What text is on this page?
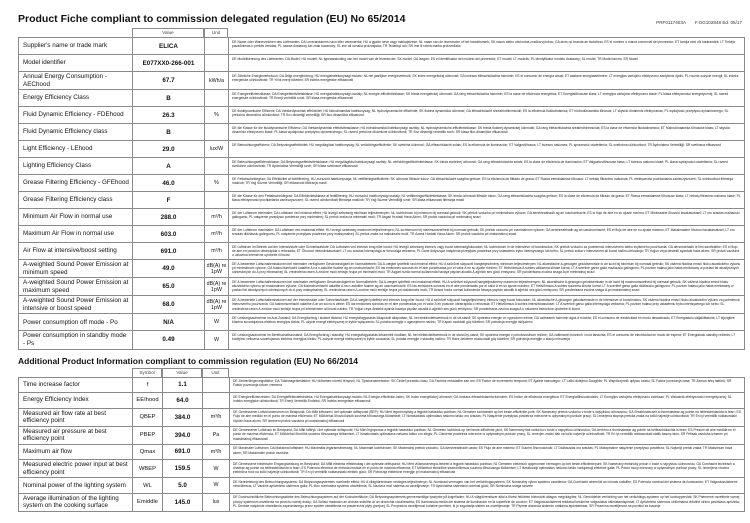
Product Fiche compliant to commission delegated regulation (EU) No 65/2014	PRF0117403A F.OG102848 Ed. 05/17
Value	Unit
Supplier's name or trade mark	ELICA
DE Name oder Warenzeichen des Lieferanten; DA Leverandørens navn eller varemærke; HU a gyártó neve vagy márkajelzése; NL naam van de leverancier of het handelsmerk; SK názov alebo obchodná značka výrobcu; GA ainm nó branda an tsoláthraí; ES el nombre o marca comercial del proveedor; ET tarnija nimi või kaubamärk; LT Tiekėjo pavadinimas ir prekės ženklas; PL nazwa dostawcy lub znak towarowy; SL ime ali oznaka proizvajalca; TR Tedarikçi adı; SR ime ili robna marka proizvođača
Model identifier	E077XX0-266-001
DE Modellkennung des Lieferanten; DA Model; HU modell; NL typeaanduiding van het model van de leverancier; SK model; GA leagan; ES el identificador del modelo del proveedor; ET mudel; LT modelis; PL identyfikator modelu dostawcy; SL model; TR Model tanımı; SR Model
Annual Energy Consumption - AEChood	67.7	kWh/a
DE Jährliche Energieverbrauch; DA Årligt energiforbrug; HU energiahatékonysági mutató; NL het jaarlijkse energieverbruik; SK index energetickej účinnosti; GA innéacs éifeachtúlachta fuinnimh; ES el consumo de energía anual; ET aastane energiatarbimine; LT energijos vartojimo efektyvumo santykinis dydis; PL roczne zużycie energii; SL indeks energetske učinkovitosti; TR Yıllık enerji tüketimi; SR indeks energetske efikasnosti
Energy Efficiency Class	B
DE Energieeffizienzklasse; DA Energieffektivitetsklasse; HU energiahatékonysági osztály; NL energie-efficiëntieklasse; SK trieda energetickej účinnosti; GA rang éifeachtúlachta fuinnimh; ES la clase de eficiencia energética; ET Energiatõhususe klass; LT energijos vartojimo efektyvumo klasė; PL klasa efektywności energetycznej; SL razred energetske učinkovitosti; TR Enerji verimlilik sınıfı; SR klasa energetske efikasnosti
Fluid Dynamic Efficiency - FDEhood	26.3	%
DE fluiddynamische Effizienz; DA Væskedynamisk effektivitet; HU hidrodinamikai hatékonyság; NL hydrodynamische efficiëntie; SK fluidná dynamická účinnosť; GA éifeachtúlacht shreabhdhinimiciúil; ES la eficiencia fluidodinámica; ET hüdrodünaamika tõhusus; LT skysčio dinaminis efektyvumas; PL wydajność przepływu dynamicznego; SL pretočna dinamična učinkovitost; TR Sıvı dinamiği verimliliği; SR fluo-dinamička efikasnost
Fluid Dynamic Efficiency class	B
DE die Klasse für die fluiddynamische Effizienz; DA Væskedynamisk effektivitetsklasse; HU hidrodinamikai hatékonysági osztály; NL hydrodynamische-efficiëntieklasse; SK trieda fluidnej dynamickej účinnosti; GA rang éifeachtúlachta sreabhdhinimiciúla; ES la clase de eficiencia fluidodinámica; ET hüdrodünaamika tõhususe klass; LT skysčio dinaminio efektyvumo klasė; PL klasa wydajności przepływu dynamicznego; SL razred pretočne dinamične učinkovitosti; TR Sıvı dinamiği verimlilik sınıfı; SR klasa fluo-dinamičke efikasnosti
Light Efficiency - LEhood	29.0	lux/W
DE Beleuchtungseffizienz; DA Belysningseffektivitet; HU megvilágítási hatékonyság; NL verlichtingsefficiëntie; SK svetelná účinnosť; GA éifeachtúlacht solais; ES la eficiencia de iluminación; ET Valgustõhusus; LT šviesos našumas; PL sprawność oświetlenia; SL svetlobna učinkovitost; TR Aydınlatma Verimliliği; SR svetlosna efikasnost
Lighting Efficiency Class	A
DE Beleuchtungseffizienzklasse; DA Belysningseffektivitetsklasse; HU megvilágítási hatékonysági osztály; NL verlichtingsefficiëntieklasse; SK trieda svetelnej účinnosti; GA rang éifeachtúlachta solais; ES la clase de eficiencia de iluminación; ET Valgustustõhususe klass; LT šviesos našumo klasė; PL klasa wydajności oświetlenia; SL razred svetlobne učinkovitosti; TR Aydınlatma Verimliliği sınıfı; SR klasa svetlosne efikasnosti
Grease Filtering Efficiency - GFEhood	46.0	%
DE Fettabscheidegrad; DA Effektivitet af fedtfiltrering; HU zsírszűrő hatékonysága; NL vetfilteringsefficiëntie; SK účinnosť filtrácie tukov; GA éifeachtúlacht scagtha gréisce; ES la eficiencia de filtrado de grasa; ET Rasva eemaldamise tõhusus; LT riebalų filtravimo našumas; PL efektywność pochłaniania zanieczyszczeń; SL učinkovitost filtriranja maščob; TR Yağ Süzme Verimliliği; SR efikasnost filtriranja masti
Grease Filtering Efficiency class	F
DE die Klasse für den Fettabscheidegrad; DA Effektivitetsklasse af fedtfiltrering; HU zsírszűrő hatékonysági osztály; NL vetfilteringsefficiëntieklasse; SK trieda účinnosti filtrácie tukov; GA rang-éifeachtúlachta scagtha gréisce; ES la clase de eficiencia de filtrado de grasa; ET Rasva eemaldamise tõhususe klass; LT riebalų filtravimo našumo klasė; PL klasa efektywności pochłaniania zanieczyszczeń; SL razred učinkovitosti filtriranja maščob; TR Yağ Süzme Verimliliği sınıfı; SR klasa efikasnosti filtriranja masti
Minimum Air Flow in normal use	288.0	m³/h
DE der Luftstrom minimaler; DA Luftstrøm ved minimal effekt; HU levegő sebesség minimum teljesítményen; NL luchtstroom bij minimum bij normaal gebruik; SK prietok vzduchu pri minimálnom výkone; GA aershreabhadh ag an íoschumhacht; ES el flujo de aire en su ajuste mínimo; ET Minimaalne õhuvool tavakasutusel; LT oro srautas mažiausiu galingumu; PL natężenie przepływu powietrza przy minimalnej; SL pretok zraka na minimalni moči; TR Asgari Hızdaki Hava Akımı; SR protok vazduha pri minimalnoj snazi
Maximum Air Flow in normal use	603.0	m³/h
DE der Luftstrom maximaler; DA Luftstrøm ved maksimal effekt; HU levegő sebesség maximum teljesítményen; NL luchtstroom bij maximumsnelheid bij normaal gebruik; SK prietok vzduchu pri maximálnom výkone; GA aershreabhadh ag an uaschumhacht; ES el flujo de aire en su ajuste máximo; ET Maksimaalne õhuvool tavakasutusel; LT oro srautas didžiausiu galingumu; PL natężenie przepływu powietrza przy maksymalnej; SL pretok zraka na maksimalni moči; TR Azami Hızdaki Hava Akımı; SR protok vazduha pri maksimalnoj snazi
Air Flow at intensive/boost setting	691.0	m³/h
DE Luftstrom im Betrieb auf der Intensivstufe oder Schnellaufstufe; DA Luftstrøm ved intensiv brug eller boost; HU levegő sebesség intenzív vagy boost sebességfokozaton; NL luchtstroom in de intensieve of boostmodus; SK prietok vzduchu za podmienok intenzívneho alebo zvýšeného používania; GA aersreabhadh le linn saothraithe; ES el flujo de aire en posición ultrarrápida o reforzada; ET Õhuvool intensiivkasutusel; LT oro srautas intensyviąja ar forsuotąja veiksena; PL Dane dotyczące natężenia przepływu powietrza przy ustawieniu trybu intensywnego lub turbo; SL pretok zraka v intenzivnem ali boost načinu delovanja; TR Yoğun veya destekli ayardaki hava akımı; SR protok vazduha u uslovima intenzivne upotrebe ili boost
A-weighted Sound Power Emission at minimum speed	49.0	dB(A) re 1pW
DE A-bewertete Luftschallemissionen bei minimaler verfügbarer Geschwindigkeit im Normalbetrieb; DA A-vægtet lydeffekt ved minimal effekt; HU A szűrővel súlyozott hangteljesítmény minimum teljesítményen; NL akoestische A-gewogen geluidsemissie in de lucht bij minimum bij normaal gebruik; SK vážená hladina emisií hluku akustického výkonu pri minimálnom výkone; GA fuaimchumhacht ualaithe A na n-astuithe fuaime ag an íoschumhacht; ES las emisiones sonoras en el aire ponderadas por el valor A en su ajuste mínimo; ET Helivõimsus A suhtes väiksema kiiruse korral; LT A svertinė garso galia mažiausiu galingumu; PL poziom hałasu jako hałas emitowany w postaci fal akustycznych odniesionych do A przy minimalnej; SL vrednotena raven A zvočne moči emisije hrupa pri minimalni moči; TR Asgari hızda normal kullanımda havaya yayılan akustik A ağırlıklı ses gücü emisyonu; SR ponderisana zvučna snaga A pri minimalnoj snazi
A-weighted Sound Power Emission at maximum speed	65.0	dB(A) re 1pW
DE A-bewertete Luftschallemissionen bei maximaler verfügbarer Geschwindigkeit im Normalbetrieb; DA A-vægtet lydeffekt ved maksimal effekt; HU A szűrővel súlyozott hangteljesítmény maximum teljesítményen; NL akoestische A-gewogen geluidsemissie in de lucht bij maximumsnelheid bij normaal gebruik; SK vážená hladina emisií hluku akustického výkonu pri maximálnom výkone; GA fuaimchumhacht ualaithe A na n-astuithe fuaime ag an uaschumhacht; ES las emisiones sonoras en el aire ponderadas por el valor A en su ajuste máximo; ET Helivõimsus A suhtes suurema kiiruse korral; LT A svertinė garso galia didžiausiu galingumu; PL poziom hałasu jako hałas emitowany w postaci fal akustycznych odniesionych do A przy maksymalnej; SL vrednotena raven A zvočne moči emisije hrupa pri maksimalni moči; TR Azami hızda normal kullanımda havaya yayılan akustik A ağırlıklı ses gücü emisyonu; SR ponderisana zvučna snaga A pri maksimalnoj snazi
A-weighted Sound Power Emission at intensive or boost speed	68.0	dB(A) re 1pW
DE A-bewertete Luftschallemissionen auf der Intensivstufe oder Schnellaufstufe; DA A-vægtet lydeffekt ved intensiv brug eller boost; HU A szűrővel súlyozott hangteljesítmény intenzív vagy boost fokozaton; NL akoestische A-gewogen geluidsemissie in de intensieve of boostmodus; SK vážená hladina emisií hluku akustického výkonu za podmienok intenzívneho používania; GA fuaimchumhacht ualaithe A ar an socrú is déine; ES las emisiones sonoras en el aire ponderadas por el valor A en posición ultrarrápida o reforzada; ET Helivõimsus A suhtes intensiivkasutusel; LT A svertinė garso galia intensyviąja veiksena; PL poziom hałasu przy ustawieniu trybu intensywnego lub turbo; SL vrednotena raven A zvočne moči emisije hrupa pri intenzivnem ali boost načinu; TR Yoğun veya destekli ayarda havaya yayılan akustik A ağırlıklı ses gücü emisyonu; SR ponderisana zvučna snaga A u uslovima intenzivne upotrebe ili boost
Power consumption off mode - Po	N/A	W
DE Leistungsaufnahme im Aus-Zustand; DA Energiforbrug i slukket tilstand; HU energiafogyasztás kikapcsolt állapotban; NL het elektriciteitsverbruik in de uit-stand; SK spotreba energie vo vypnutom režime; GA caitheamh fuinnimh agus á múchta; ES el consumo de electricidad en modo desactivado; ET Energiakulu väljalülitatuna; LT išjungties būsena suvartojamos elektros energijos kiekis; PL użycie energii elektrycznej w trybie wyłączenia; SL poraba energije v ugasnjenem načinu; TR Kapalı moddaki güç tüketimi; SR potrošnja energije isključeno
Power consumption in standby mode - Ps	0.49	W
DE Leistungsaufnahme im Bereitschaftszustand; DA Energiforbrug i standby; HU energiafogyasztás készenléti módban; NL het elektriciteitsverbruik in de stand-by-stand; SK spotreba energie v pohotovostnom režime; GA caitheamh fuinnimh i mód fanachta; ES el consumo de electricidad en modo de espera; ET Energiakulu standby režiimis; LT budėjimo veiksena suvartojamos elektros energijos kiekis; PL zużycie energii elektrycznej w trybie czuwania; SL poraba energije v standby načinu; TR Hazır bekleme modundaki güç tüketimi; SR potrošnja energije u stanju mirovanja
Additional Product Information compliant to commission regulation (EU) No 66/2014
Symbol	Value	Unit
Time increase factor	f	1.1
DE Zeitverlängerungsfaktor; DA Tidsforøgelsesfaktor; HU Időtartam növelő tényező; NL Tijdstoenamefactor; SK Činiteľ prírastku času; GA Fachtóir méadaithe san am; ES Factor de incremento temporal; ET Ajaline kasvutegur; LT Laiko didėjimo Daugiklis; PL Współczynnik upływu czasu; SL Faktor povečanja časa; TR Zaman artış faktörü; SR Faktor povećanja tokom vremena
Energy Efficiency Index	EEIhood	64.0
DE Energieeffizienzindex; DA Energieffektivitetsindeks; HU Energiahatékonysági mutató; NL Energie-efficiëntie-index; SK Index energetickej účinnosti; GA Innéacs éifeachtúlachta fuinnimh; ES Índice de eficiencia energética; ET Energiatõhususindeks; LT Energijos vartojimo efektyvumo indeksas; PL Wskaźnik efektywności energetycznej; SL Indeks energijske učinkovitosti; TR Enerji Verimlilik Endeksi; SR Indeks energetske efikasnosti
Measured air flow rate at best efficiency point	QBEP	384.0	m³/h
DE Gemessener Luftvolumenstrom im Bestpunkt; DA Målt luftstrøm i det optimale driftspunkt (BEP); HU Mért légmennyiség a legjobb hatásfokú pontban; NL Gemeten luchtdebiet op het beste-efficiëntie-punt; SK Nameraný prietok vzduchu v bode s najvyššou účinnosťou; GA Sreabhráta aeir a thomhaistear ag pointe na héifeachtúlachta is fearr; ES Flujo de aire medido en el punto de máxima eficiencia; ET Mõõdetud õhuvooluhulk suurima tõhususega töötamisel; LT Išmatuotasis optimalaus našumo taško oro srautas; PL Natężenie przepływu powietrza mierzone w optymalnym punkcie pracy; SL Izmerjena stopnja pretoka zraka na točki največje učinkovitosti; TR En iyi verimlilik noktasındaki ölçülen hava akımı; SR Izmereni protok vazduha pri maksimalnoj efikasnosti
Measured air pressure at best efficiency point	PBEP	394.0	Pa
DE Gemessener Luftdruck im Bestpunkt; DA Målt lufttryk i det optimale driftspunkt; HU Mért légnyomás a legjobb hatásfokú pontban; NL Gemeten luchtdruk op het beste-efficiëntie-punt; SK Nameraný tlak vzduchu v bode s najvyššou účinnosťou; GA Aerbhrú a thomhaistear ag pointe na héifeachtúlachta is fearr; ES Presión de aire medida en el punto de máxima eficiencia; ET Mõõdetud õhurõhk suurima tõhususega töötamisel; LT Išmatuotasis optimalaus našumo taško oro slėgis; PL Ciśnienie powietrza mierzone w optymalnym punkcie pracy; SL Izmerjen zračni tlak na točki največje učinkovitosti; TR En iyi verimlilik noktasındaki statik basınç farkı; SR Pritisak vazduha izmeren pri maksimalnoj efikasnosti
Maximum air flow	Qmax	691.0	m³/h
DE Maximaler Luftstrom; DA Maksimal luftstrøm; HU Maximális légáramsebesség; NL Maximale luchtstroom; SK Maximálny prietok vzduchu; GA Aershreabhadh uasta; ES Flujo de aire máximo; ET Suurim õhuvooluhulk; LT Didžiausias oro srautas; PL Maksymalne natężenie przepływu powietrza; SL Največji pretok zraka; TR Maksimum hava akımı; SR Maksimalni protok vazduha
Measured electric power input at best efficiency point	WBEP	159.5	W
DE Gemessene elektrische Eingangsleistung im Bestpunkt; DA Målt elektrisk effektindtag i det optimale driftspunkt; HU Mért villamosenergia-felvétel a legjobb hatásfokú pontban; NL Gemeten elektrisch opgenomen vermogen op het beste-efficiëntiepunt; SK Nameraný elektrický príkon v bode s najvyššou účinnosťou; GA Cumhacht leictreach a chaitear ag pointe na héifeachtúlachta is fearr; ES Potencia eléctrica de entrada medida en el punto de máxima eficiencia; ET Mõõdetud elektriline sisendvõimsus suurima tõhususega töötamisel; LT Išmatuotoji optimalaus našumo taško vartojamoji elektrinė galia; PL Pobór mocy mierzony w optymalnym punkcie pracy; SL Izmerjena vhodna električna moč na točki največje učinkovitosti; TR En iyi verimlilik noktasındaki elektrik gücü; SR Potrošnja električne energije pri maksimalnoj efikasnosti
Nominal power of the lighting system	WL	5.0	W
DE Nennleistung des Beleuchtungssystems; DA Belysningssystemets nominelle effekt; HU A világítórendszer névleges teljesítménye; NL Nominaal vermogen van het verlichtingssysteem; SK Nominálny výkon systému osvetlenia; GA Cumhacht ainmniúil an chórais soilsithe; ES Potencia nominal del sistema de iluminación; ET Valgustussüsteemi nimivõimsus; LT Vardinė apšvietimo sistemos galia; PL Moc nominalna systemu oświetlenia; SL Nazivna moč sistema za osvetljevanje; TR Aydınlatma sisteminin nominal gücü; SR Nominalna snaga rasvete
Average illumination of the lighting system on the cooking surface	Emiddle	145.0	lux
DE Durchschnittliche Beleuchtungsstärke des Beleuchtungssystems auf der Kochoberfläche; DA Belysningssystemets gennemsnitlige lysstyrke på kogefladen; HU A világítórendszer által a főzési felületen biztosított átlagos megvilágítás; NL Gemiddelde verlichting van het verlichtings-systeem op het kookoppervlak; SK Priemerné osvetlenie varnej plochy systémom osvetlenia na povrchu varnej dosky; GA Soilsiú meánach an chórais soilsithe ar an dromchla cócaireachta; ES Iluminancia media del sistema de iluminación en la superficie de cocción; ET Valgustussüsteemi tekitatud keskmine valgustatus valmistamispinnal; LT Apšvietimo sistemos užtikrinama vidutinė virimo paviršiaus apšvieta; PL Średnie natężenie oświetlenia zapewnianego przez system oświetlenia na powierzchni płyty grzejnej; SL Povprečna osvetljenost kuhalne površine, ki jo zagotavlja sistem za osvetljevanje; TR Pişirme alanında sistemin ortalama aydınlatması; SR Prosečna osvetljenost na površini za kuvanje
